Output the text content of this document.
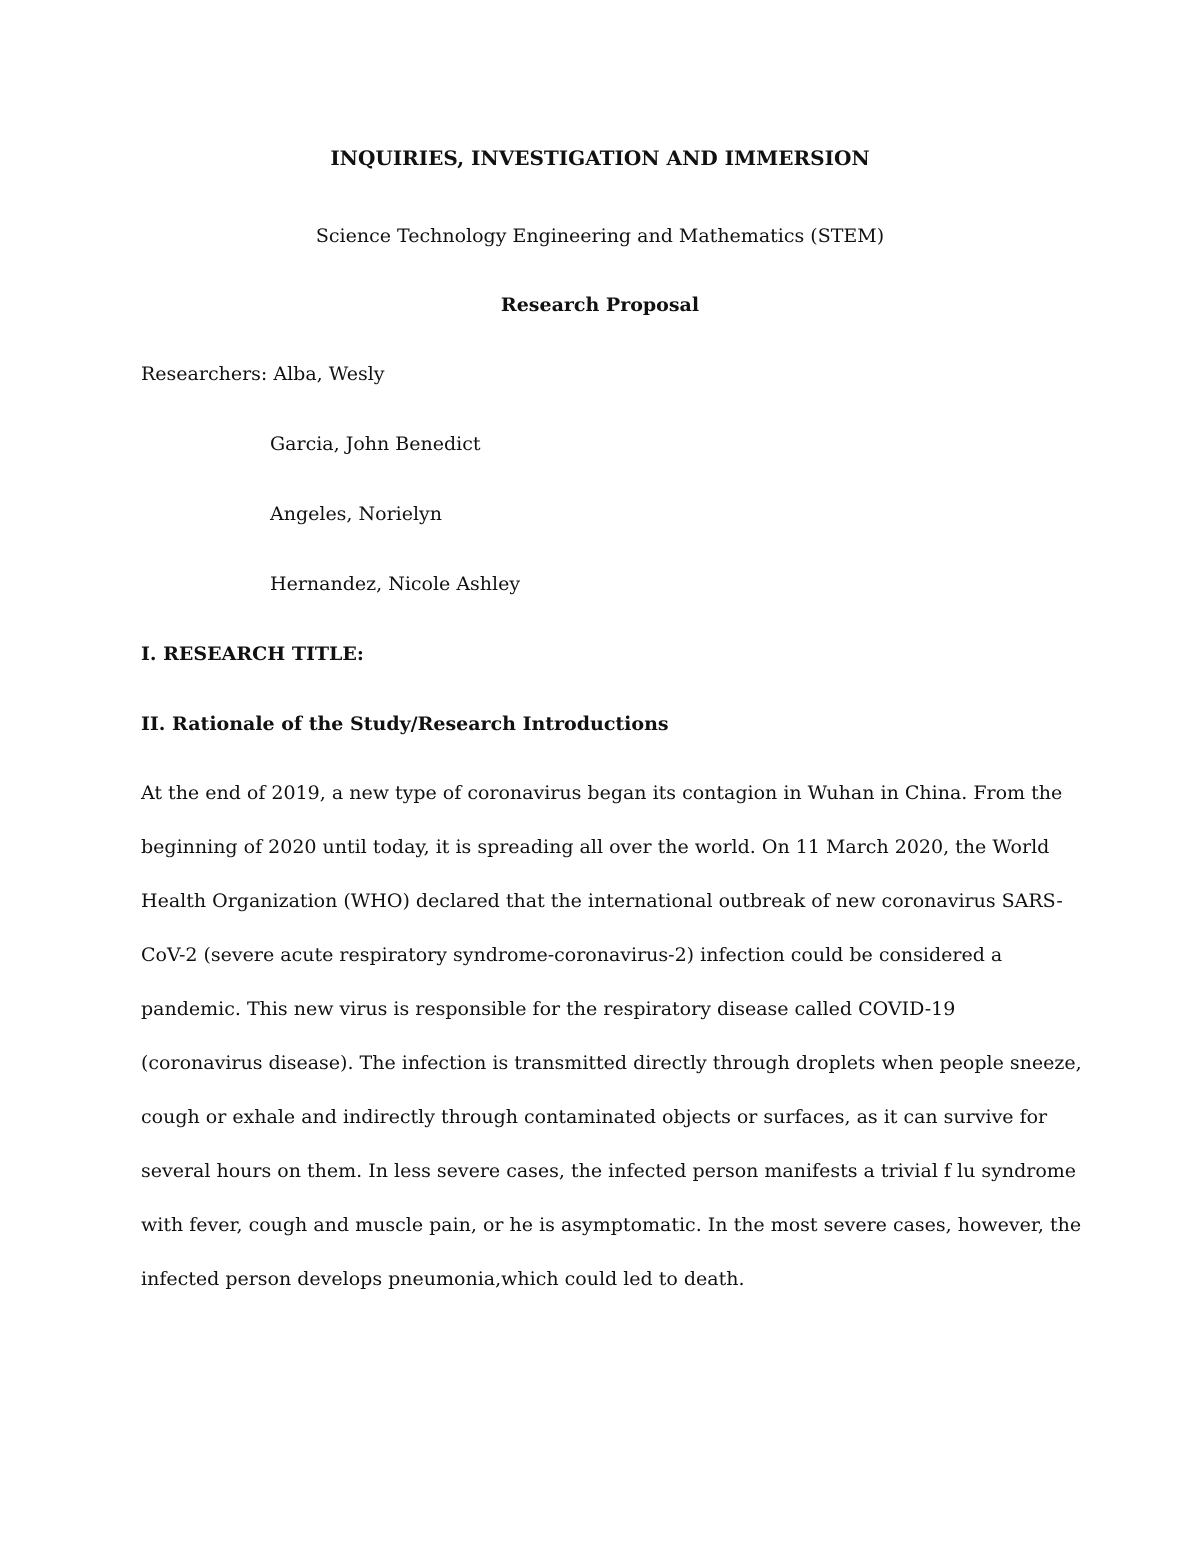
INQUIRIES, INVESTIGATION AND IMMERSION
Science Technology Engineering and Mathematics (STEM)
Research Proposal
Researchers: Alba, Wesly
Garcia, John Benedict
Angeles, Norielyn
Hernandez, Nicole Ashley
I. RESEARCH TITLE:
II. Rationale of the Study/Research Introductions
At the end of 2019, a new type of coronavirus began its contagion in Wuhan in China. From the
beginning of 2020 until today, it is spreading all over the world. On 11 March 2020, the World
Health Organization (WHO) declared that the international outbreak of new coronavirus SARS-
CoV-2 (severe acute respiratory syndrome-coronavirus-2) infection could be considered a
pandemic. This new virus is responsible for the respiratory disease called COVID-19
(coronavirus disease). The infection is transmitted directly through droplets when people sneeze,
cough or exhale and indirectly through contaminated objects or surfaces, as it can survive for
several hours on them. In less severe cases, the infected person manifests a trivial f lu syndrome
with fever, cough and muscle pain, or he is asymptomatic. In the most severe cases, however, the
infected person develops pneumonia,which could led to death.
